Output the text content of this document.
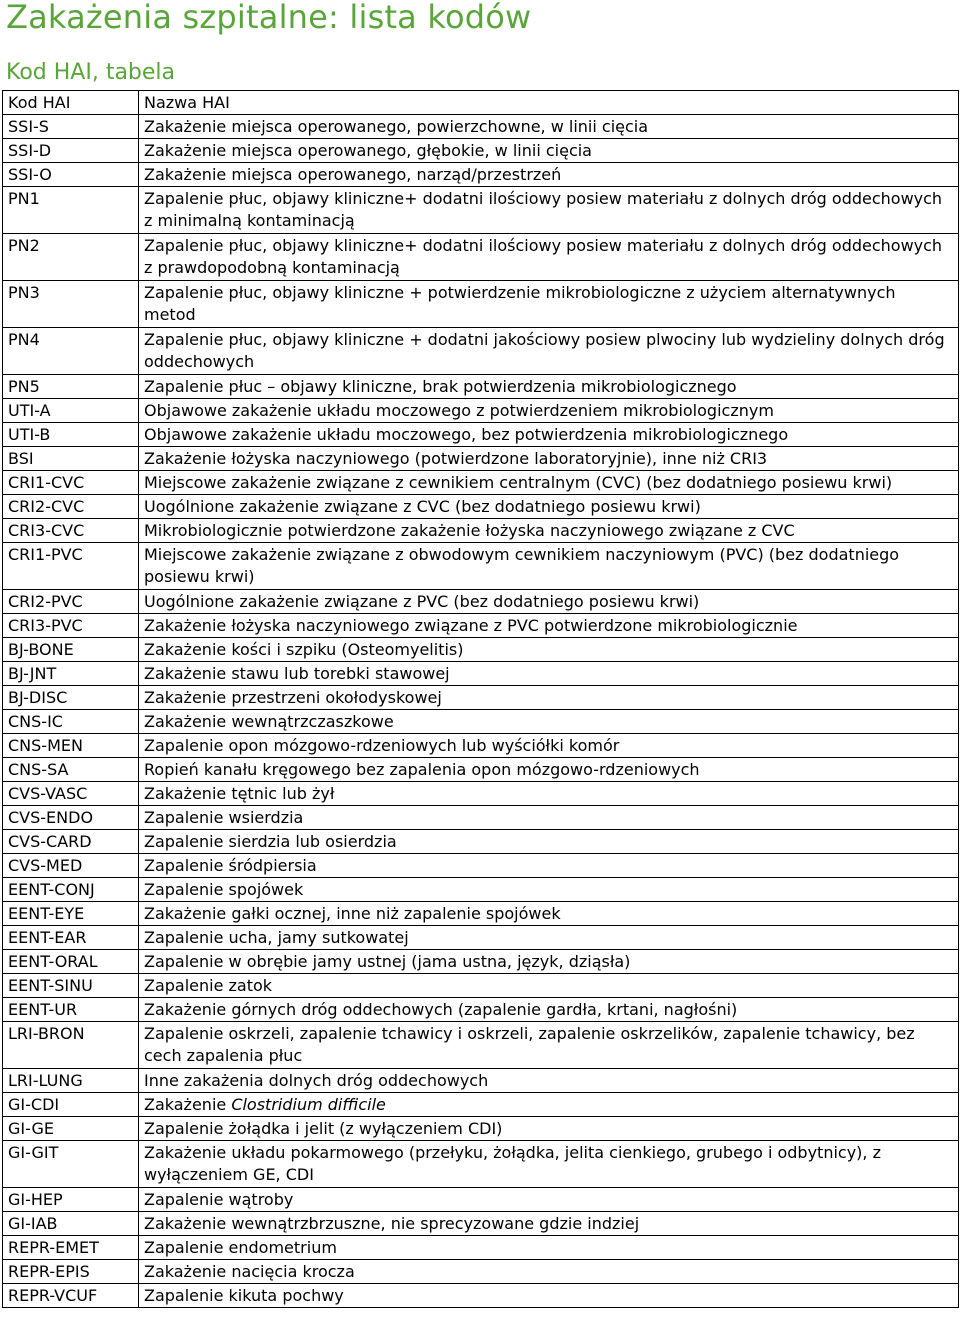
Zakażenia szpitalne: lista kodów
Kod HAI, tabela
Kod HAI	Nazwa HAI
SSI-S	Zakażenie miejsca operowanego, powierzchowne, w linii cięcia
SSI-D	Zakażenie miejsca operowanego, głębokie, w linii cięcia
SSI-O	Zakażenie miejsca operowanego, narząd/przestrzeń
PN1	Zapalenie płuc, objawy kliniczne+ dodatni ilościowy posiew materiału z dolnych dróg oddechowych z minimalną kontaminacją
PN2	Zapalenie płuc, objawy kliniczne+ dodatni ilościowy posiew materiału z dolnych dróg oddechowych z prawdopodobną kontaminacją
PN3	Zapalenie płuc, objawy kliniczne + potwierdzenie mikrobiologiczne z użyciem alternatywnych metod
PN4	Zapalenie płuc, objawy kliniczne + dodatni jakościowy posiew plwociny lub wydzieliny dolnych dróg oddechowych
PN5	Zapalenie płuc – objawy kliniczne, brak potwierdzenia mikrobiologicznego
UTI-A	Objawowe zakażenie układu moczowego z potwierdzeniem mikrobiologicznym
UTI-B	Objawowe zakażenie układu moczowego, bez potwierdzenia mikrobiologicznego
BSI	Zakażenie łożyska naczyniowego (potwierdzone laboratoryjnie), inne niż CRI3
CRI1-CVC	Miejscowe zakażenie związane z cewnikiem centralnym (CVC) (bez dodatniego posiewu krwi)
CRI2-CVC	Uogólnione zakażenie związane z CVC (bez dodatniego posiewu krwi)
CRI3-CVC	Mikrobiologicznie potwierdzone zakażenie łożyska naczyniowego związane z CVC
CRI1-PVC	Miejscowe zakażenie związane z obwodowym cewnikiem naczyniowym (PVC) (bez dodatniego posiewu krwi)
CRI2-PVC	Uogólnione zakażenie związane z PVC (bez dodatniego posiewu krwi)
CRI3-PVC	Zakażenie łożyska naczyniowego związane z PVC potwierdzone mikrobiologicznie
BJ-BONE	Zakażenie kości i szpiku (Osteomyelitis)
BJ-JNT	Zakażenie stawu lub torebki stawowej
BJ-DISC	Zakażenie przestrzeni okołodyskowej
CNS-IC	Zakażenie wewnątrzczaszkowe
CNS-MEN	Zapalenie opon mózgowo-rdzeniowych lub wyściółki komór
CNS-SA	Ropień kanału kręgowego bez zapalenia opon mózgowo-rdzeniowych
CVS-VASC	Zakażenie tętnic lub żył
CVS-ENDO	Zapalenie wsierdzia
CVS-CARD	Zapalenie sierdzia lub osierdzia
CVS-MED	Zapalenie śródpiersia
EENT-CONJ	Zapalenie spojówek
EENT-EYE	Zakażenie gałki ocznej, inne niż zapalenie spojówek
EENT-EAR	Zapalenie ucha, jamy sutkowatej
EENT-ORAL	Zapalenie w obrębie jamy ustnej (jama ustna, język, dziąsła)
EENT-SINU	Zapalenie zatok
EENT-UR	Zakażenie górnych dróg oddechowych (zapalenie gardła, krtani, nagłośni)
LRI-BRON	Zapalenie oskrzeli, zapalenie tchawicy i oskrzeli, zapalenie oskrzelików, zapalenie tchawicy, bez cech zapalenia płuc
LRI-LUNG	Inne zakażenia dolnych dróg oddechowych
GI-CDI	Zakażenie Clostridium difficile
GI-GE	Zapalenie żołądka i jelit (z wyłączeniem CDI)
GI-GIT	Zakażenie układu pokarmowego (przełyku, żołądka, jelita cienkiego, grubego i odbytnicy), z wyłączeniem GE, CDI
GI-HEP	Zapalenie wątroby
GI-IAB	Zakażenie wewnątrzbrzuszne, nie sprecyzowane gdzie indziej
REPR-EMET	Zapalenie endometrium
REPR-EPIS	Zakażenie nacięcia krocza
REPR-VCUF	Zapalenie kikuta pochwy
